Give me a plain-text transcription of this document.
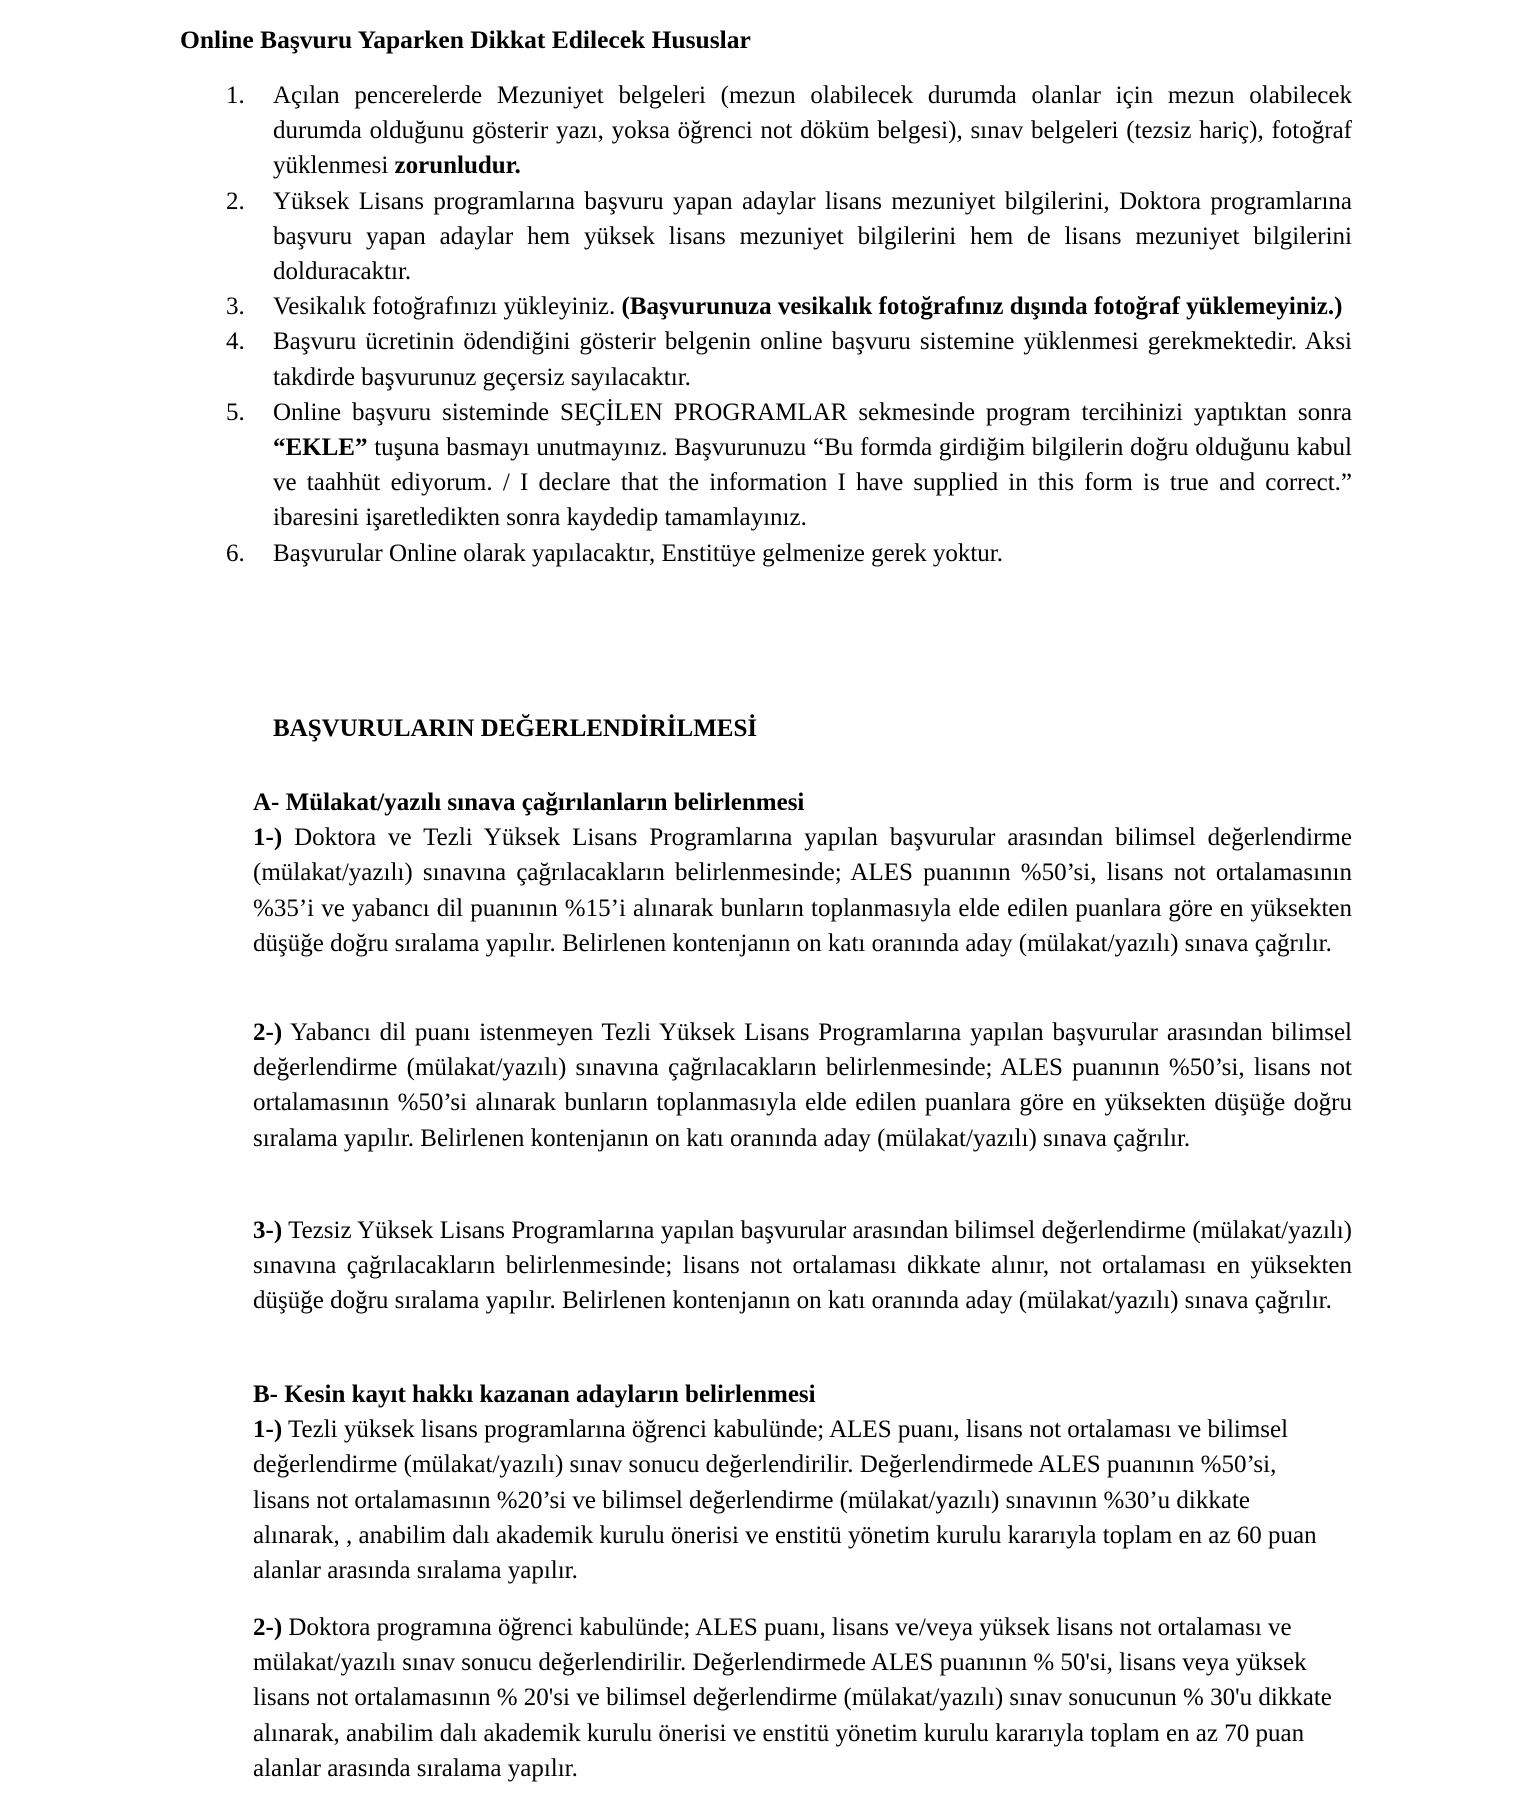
Online Başvuru Yaparken Dikkat Edilecek Hususlar
1. Açılan pencerelerde Mezuniyet belgeleri (mezun olabilecek durumda olanlar için mezun olabilecek durumda olduğunu gösterir yazı, yoksa öğrenci not döküm belgesi), sınav belgeleri (tezsiz hariç), fotoğraf yüklenmesi zorunludur.
2. Yüksek Lisans programlarına başvuru yapan adaylar lisans mezuniyet bilgilerini, Doktora programlarına başvuru yapan adaylar hem yüksek lisans mezuniyet bilgilerini hem de lisans mezuniyet bilgilerini dolduracaktır.
3. Vesikalık fotoğrafınızı yükleyiniz. (Başvurunuza vesikalık fotoğrafınız dışında fotoğraf yüklemeyiniz.)
4. Başvuru ücretinin ödendiğini gösterir belgenin online başvuru sistemine yüklenmesi gerekmektedir. Aksi takdirde başvurunuz geçersiz sayılacaktır.
5. Online başvuru sisteminde SEÇİLEN PROGRAMLAR sekmesinde program tercihinizi yaptıktan sonra “EKLE” tuşuna basmayı unutmayınız. Başvurunuzu “Bu formda girdiğim bilgilerin doğru olduğunu kabul ve taahhüt ediyorum. / I declare that the information I have supplied in this form is true and correct.” ibaresini işaretledikten sonra kaydedip tamamlayınız.
6. Başvurular Online olarak yapılacaktır, Enstitüye gelmenize gerek yoktur.
BAŞVURULARIN DEĞERLENDİRİLMESİ

A- Mülakat/yazılı sınava çağırılanların belirlenmesi

1-) Doktora ve Tezli Yüksek Lisans Programlarına yapılan başvurular arasından bilimsel değerlendirme (mülakat/yazılı) sınavına çağrılacakların belirlenmesinde; ALES puanının %50’si, lisans not ortalamasının %35’i ve yabancı dil puanının %15’i alınarak bunların toplanmasıyla elde edilen puanlara göre en yüksekten düşüğe doğru sıralama yapılır. Belirlenen kontenjanın on katı oranında aday (mülakat/yazılı) sınava çağrılır.

2-) Yabancı dil puanı istenmeyen Tezli Yüksek Lisans Programlarına yapılan başvurular arasından bilimsel değerlendirme (mülakat/yazılı) sınavına çağrılacakların belirlenmesinde; ALES puanının %50’si, lisans not ortalamasının %50’si alınarak bunların toplanmasıyla elde edilen puanlara göre en yüksekten düşüğe doğru sıralama yapılır. Belirlenen kontenjanın on katı oranında aday (mülakat/yazılı) sınava çağrılır.

3-) Tezsiz Yüksek Lisans Programlarına yapılan başvurular arasından bilimsel değerlendirme (mülakat/yazılı) sınavına çağrılacakların belirlenmesinde; lisans not ortalaması dikkate alınır, not ortalaması en yüksekten düşüğe doğru sıralama yapılır. Belirlenen kontenjanın on katı oranında aday (mülakat/yazılı) sınava çağrılır.

B- Kesin kayıt hakkı kazanan adayların belirlenmesi

1-) Tezli yüksek lisans programlarına öğrenci kabulünde; ALES puanı, lisans not ortalaması ve bilimsel değerlendirme (mülakat/yazılı) sınav sonucu değerlendirilir. Değerlendirmede ALES puanının %50’si, lisans not ortalamasının %20’si ve bilimsel değerlendirme (mülakat/yazılı) sınavının %30’u dikkate alınarak, , anabilim dalı akademik kurulu önerisi ve enstitü yönetim kurulu kararıyla toplam en az 60 puan alanlar arasında sıralama yapılır.

2-) Doktora programına öğrenci kabulünde; ALES puanı, lisans ve/veya yüksek lisans not ortalaması ve mülakat/yazılı sınav sonucu değerlendirilir. Değerlendirmede ALES puanının % 50'si, lisans veya yüksek lisans not ortalamasının % 20'si ve bilimsel değerlendirme (mülakat/yazılı) sınav sonucunun % 30'u dikkate alınarak, anabilim dalı akademik kurulu önerisi ve enstitü yönetim kurulu kararıyla toplam en az 70 puan alanlar arasında sıralama yapılır.
